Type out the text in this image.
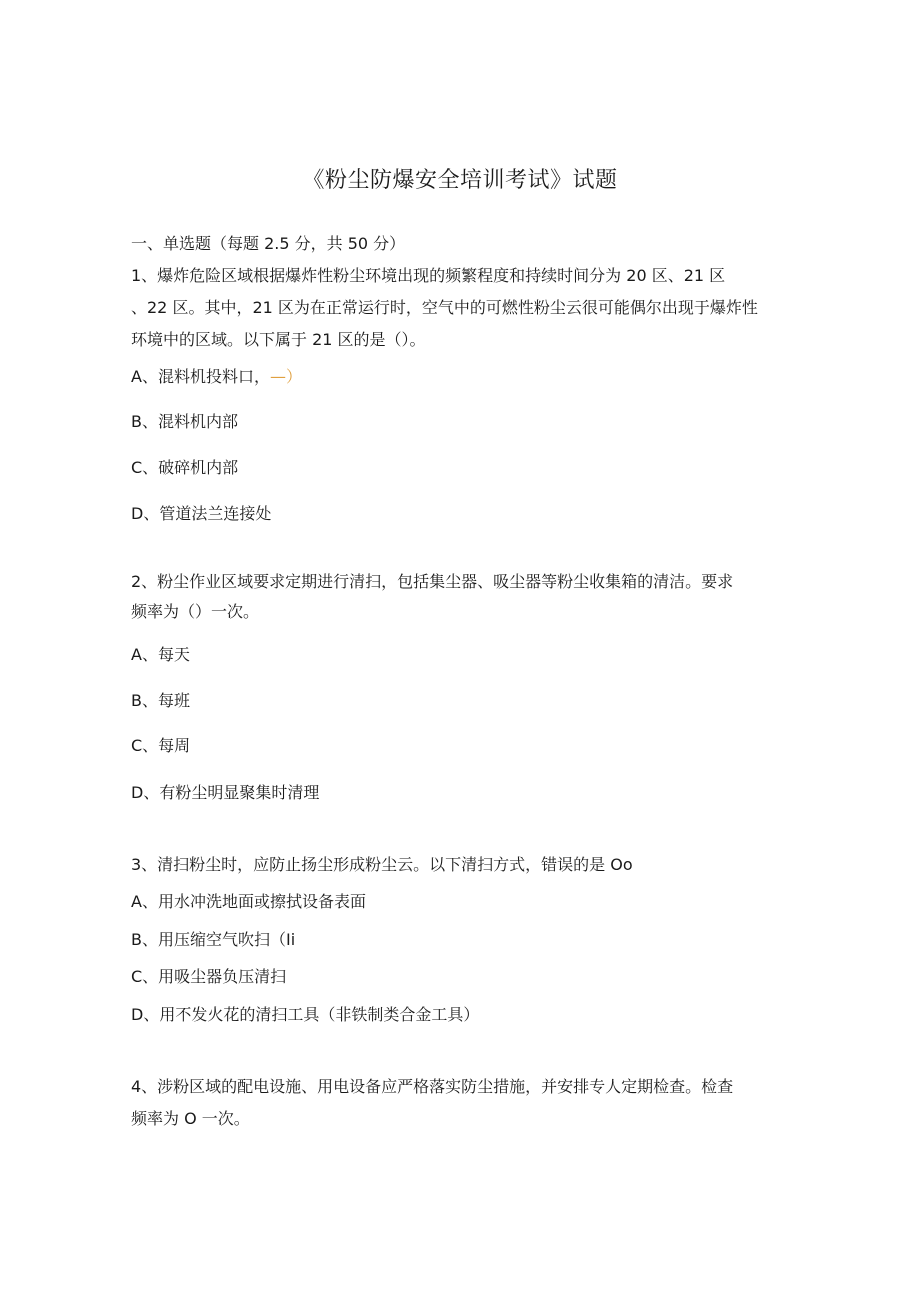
《粉尘防爆安全培训考试》试题
一、单选题（每题 2.5 分，共 50 分）
1、爆炸危险区域根据爆炸性粉尘环境出现的频繁程度和持续时间分为 20 区、21 区
、22 区。其中，21 区为在正常运行时，空气中的可燃性粉尘云很可能偶尔出现于爆炸性
环境中的区域。以下属于 21 区的是（）。
A、混料机投料口，—）
B、混料机内部
C、破碎机内部
D、管道法兰连接处
2、粉尘作业区域要求定期进行清扫，包括集尘器、吸尘器等粉尘收集箱的清洁。要求
频率为（）一次。
A、每天
B、每班
C、每周
D、有粉尘明显聚集时清理
3、清扫粉尘时，应防止扬尘形成粉尘云。以下清扫方式，错误的是 Oo
A、用水冲洗地面或擦拭设备表面
B、用压缩空气吹扫（Ii
C、用吸尘器负压清扫
D、用不发火花的清扫工具（非铁制类合金工具）
4、涉粉区域的配电设施、用电设备应严格落实防尘措施，并安排专人定期检查。检查
频率为 O 一次。
